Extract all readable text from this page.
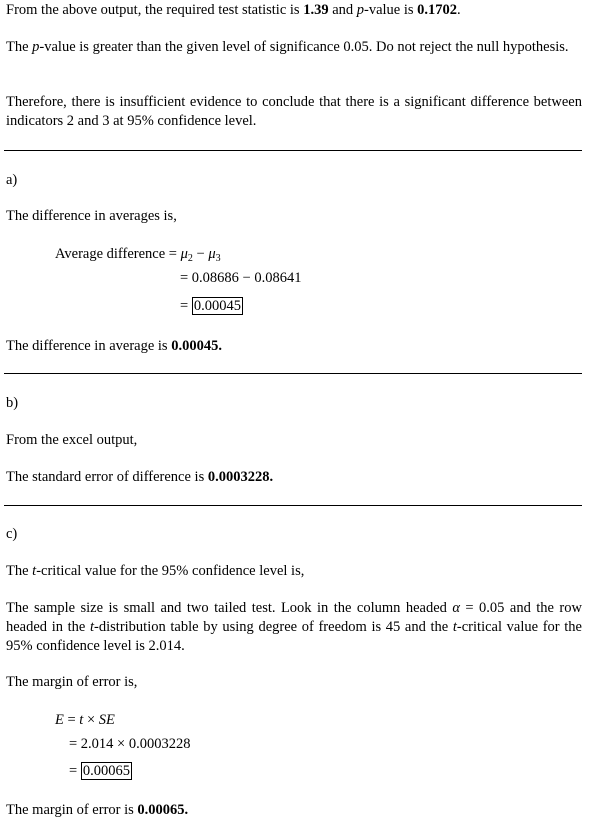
From the above output, the required test statistic is 1.39 and p-value is 0.1702.

The p-value is greater than the given level of significance 0.05. Do not reject the null hypothesis.

Therefore, there is insufficient evidence to conclude that there is a significant difference between indicators 2 and 3 at 95% confidence level.

a)

The difference in averages is,

Average difference = $\mu_2 - \mu_3$
= 0.08686 − 0.08641
= 0.00045

The difference in average is 0.00045.

b)

From the excel output,

The standard error of difference is 0.0003228.

c)

The t-critical value for the 95% confidence level is,

The sample size is small and two tailed test. Look in the column headed α = 0.05 and the row headed in the t-distribution table by using degree of freedom is 45 and the t-critical value for the 95% confidence level is 2.014.

The margin of error is,

E = t × SE
= 2.014 × 0.0003228
= 0.00065

The margin of error is 0.00065.
